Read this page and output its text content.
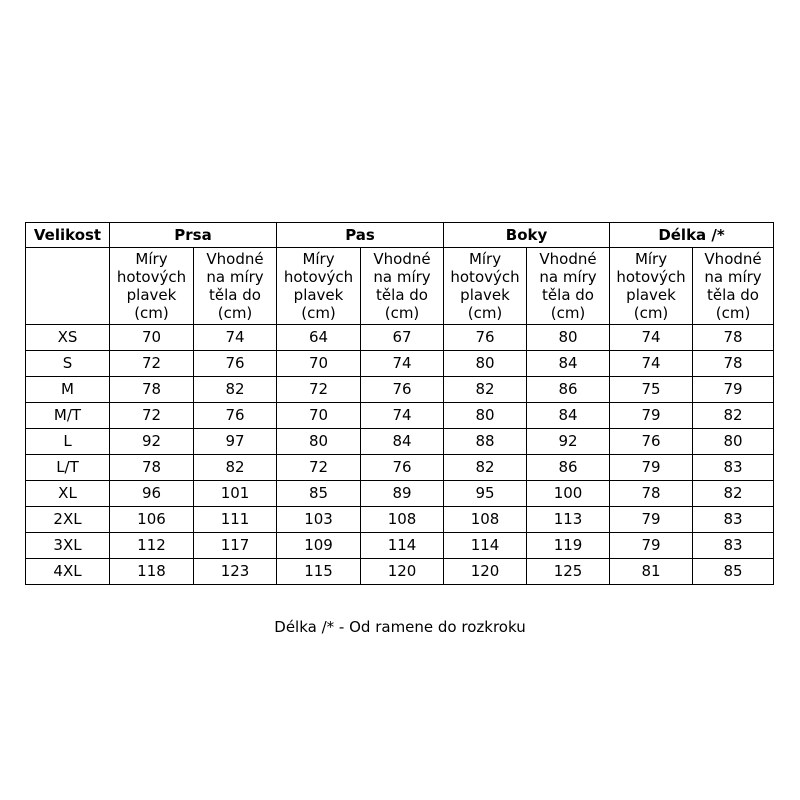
Velikost	Prsa		Pas		Boky		Délka /*	

	Míry
hotových
plavek
(cm)	Vhodné
na míry
těla do
(cm)	Míry
hotových
plavek
(cm)	Vhodné
na míry
těla do
(cm)	Míry
hotových
plavek
(cm)	Vhodné
na míry
těla do
(cm)	Míry
hotových
plavek
(cm)	Vhodné
na míry
těla do
(cm)

XS	70	74	64	67	76	80	74	78
S	72	76	70	74	80	84	74	78
M	78	82	72	76	82	86	75	79
M/T	72	76	70	74	80	84	79	82
L	92	97	80	84	88	92	76	80
L/T	78	82	72	76	82	86	79	83
XL	96	101	85	89	95	100	78	82
2XL	106	111	103	108	108	113	79	83
3XL	112	117	109	114	114	119	79	83
4XL	118	123	115	120	120	125	81	85
Délka /* - Od ramene do rozkroku
